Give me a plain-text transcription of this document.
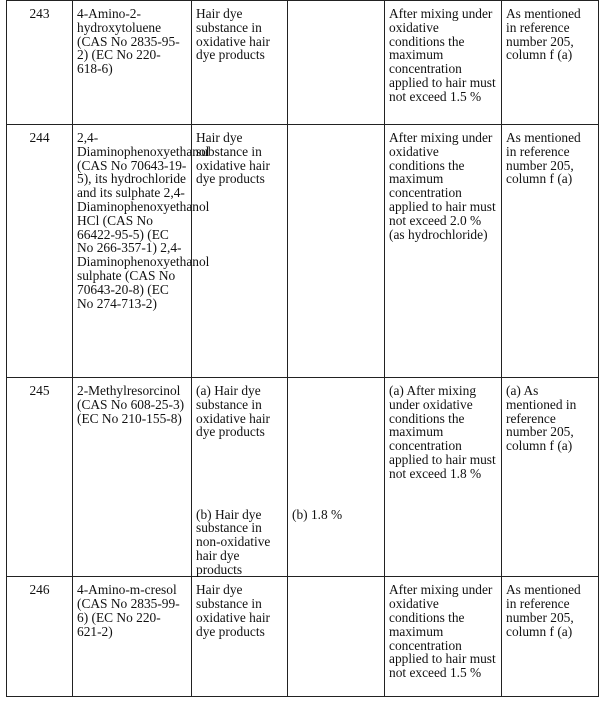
243	4-Amino-2-hydroxytoluene (CAS No 2835-95- 2) (EC No 220- 618-6)	Hair dye substance in oxidative hair dye products		After mixing under oxidative conditions the maximum concentration applied to hair must not exceed 1.5 %	As mentioned in reference number 205, column f (a)
244	2,4-Diaminophenoxyethanol (CAS No 70643-19-5), its hydrochloride and its sulphate 2,4-Diaminophenoxyethanol HCl (CAS No 66422-95-5) (EC No 266-357-1) 2,4-Diaminophenoxyethanol sulphate (CAS No 70643-20-8) (EC No 274-713-2)	Hair dye substance in oxidative hair dye products		After mixing under oxidative conditions the maximum concentration applied to hair must not exceed 2.0 % (as hydrochloride)	As mentioned in reference number 205, column f (a)
245	2-Methylresorcinol (CAS No 608-25-3) (EC No 210-155-8)	(a) Hair dye substance in oxidative hair dye products		(a) After mixing under oxidative conditions the maximum concentration applied to hair must not exceed 1.8 %	(a) As mentioned in reference number 205, column f (a)
		(b) Hair dye substance in non-oxidative hair dye products	(b) 1.8 %		
246	4-Amino-m-cresol (CAS No 2835-99- 6) (EC No 220- 621-2)	Hair dye substance in oxidative hair dye products		After mixing under oxidative conditions the maximum concentration applied to hair must not exceed 1.5 %	As mentioned in reference number 205, column f (a)
